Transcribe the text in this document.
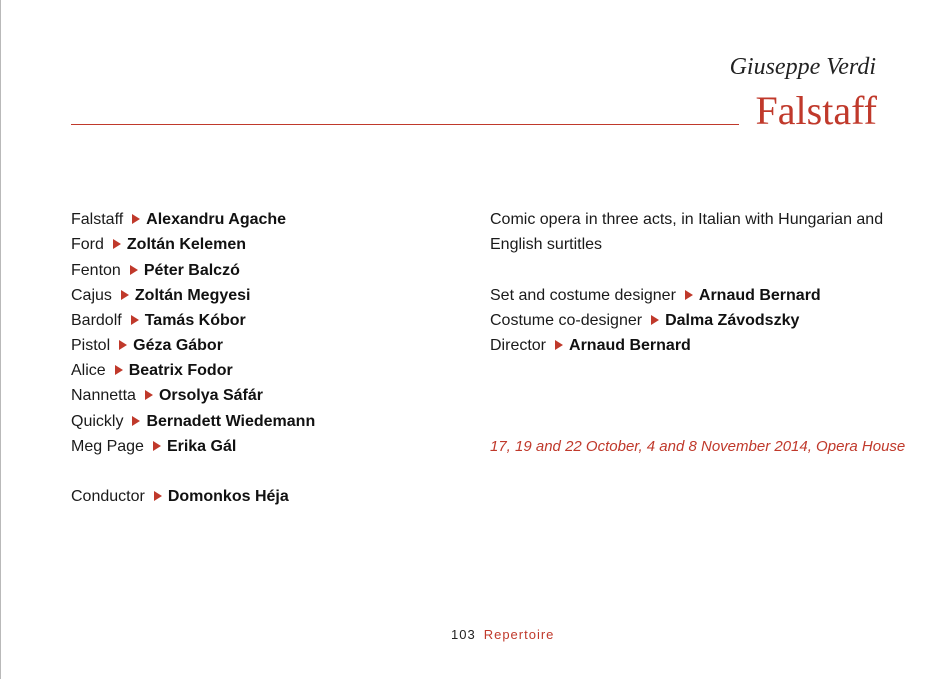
Giuseppe Verdi
Falstaff
Falstaff Alexandru Agache
Ford Zoltán Kelemen
Fenton Péter Balczó
Cajus Zoltán Megyesi
Bardolf Tamás Kóbor
Pistol Géza Gábor
Alice Beatrix Fodor
Nannetta Orsolya Sáfár
Quickly Bernadett Wiedemann
Meg Page Erika Gál
Conductor Domonkos Héja
Comic opera in three acts, in Italian with Hungarian and
English surtitles
Set and costume designer Arnaud Bernard
Costume co-designer Dalma Závodszky
Director Arnaud Bernard
17, 19 and 22 October, 4 and 8 November 2014, Opera House
103 Repertoire
